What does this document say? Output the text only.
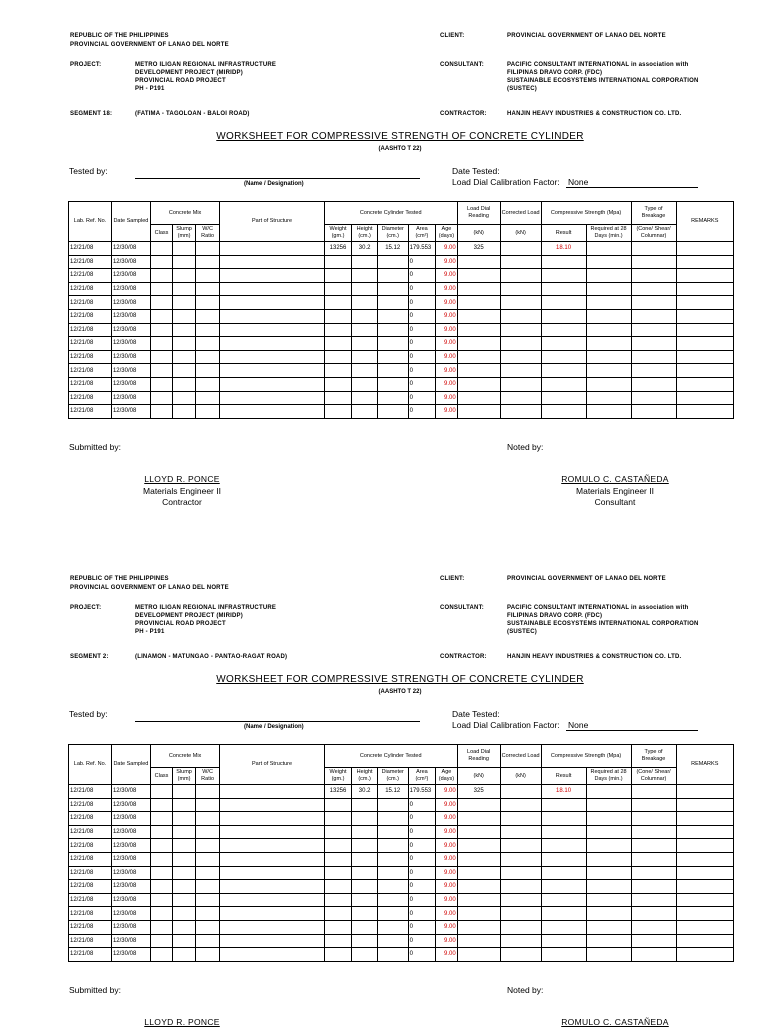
REPUBLIC OF THE PHILIPPINES
PROVINCIAL GOVERNMENT OF LANAO DEL NORTE
PROJECT:	METRO ILIGAN REGIONAL INFRASTRUCTURE
DEVELOPMENT PROJECT (MIRIDP)
PROVINCIAL ROAD PROJECT
PH - P191
SEGMENT 18:	(FATIMA - TAGOLOAN - BALOI ROAD)
CLIENT:	PROVINCIAL GOVERNMENT OF LANAO DEL NORTE
CONSULTANT:	PACIFIC CONSULTANT INTERNATIONAL in association with
FILIPINAS DRAVO CORP. (FDC)
SUSTAINABLE ECOSYSTEMS INTERNATIONAL CORPORATION
(SUSTEC)
CONTRACTOR:	HANJIN HEAVY INDUSTRIES & CONSTRUCTION CO. LTD.
WORKSHEET FOR COMPRESSIVE STRENGTH OF CONCRETE CYLINDER
(AASHTO T 22)
Tested by:
(Name / Designation)
Date Tested:
Load Dial Calibration Factor: None
Lab. Ref. No.	Date Sampled	Concrete Mix			Part of Structure	Concrete Cylinder Tested					Load Dial Reading	Corrected Load	Compressive Strength (Mpa)		Type of Breakage	REMARKS
		Class	Slump (mm)	W/C Ratio		Weight (gm.)	Height (cm.)	Diameter (cm.)	Area (cm²)	Age (days)	(kN)	(kN)	Result	Required at 28 Days (min.)	(Cone/ Shear/ Columnar)	
12/21/08	12/30/08					13256	30.2	15.12	179.553	9.00	325		18.10			
12/21/08	12/30/08								0	9.00						
12/21/08	12/30/08								0	9.00						
12/21/08	12/30/08								0	9.00						
12/21/08	12/30/08								0	9.00						
12/21/08	12/30/08								0	9.00						
12/21/08	12/30/08								0	9.00						
12/21/08	12/30/08								0	9.00						
12/21/08	12/30/08								0	9.00						
12/21/08	12/30/08								0	9.00						
12/21/08	12/30/08								0	9.00						
12/21/08	12/30/08								0	9.00						
12/21/08	12/30/08								0	9.00						
Submitted by:	Noted by:
LLOYD R. PONCE
Materials Engineer II
Contractor
ROMULO C. CASTAÑEDA
Materials Engineer II
Consultant
REPUBLIC OF THE PHILIPPINES
PROVINCIAL GOVERNMENT OF LANAO DEL NORTE
PROJECT:	METRO ILIGAN REGIONAL INFRASTRUCTURE
DEVELOPMENT PROJECT (MIRIDP)
PROVINCIAL ROAD PROJECT
PH - P191
SEGMENT 2:	(LINAMON - MATUNGAO - PANTAO-RAGAT ROAD)
CLIENT:	PROVINCIAL GOVERNMENT OF LANAO DEL NORTE
CONSULTANT:	PACIFIC CONSULTANT INTERNATIONAL in association with
FILIPINAS DRAVO CORP. (FDC)
SUSTAINABLE ECOSYSTEMS INTERNATIONAL CORPORATION
(SUSTEC)
CONTRACTOR:	HANJIN HEAVY INDUSTRIES & CONSTRUCTION CO. LTD.
WORKSHEET FOR COMPRESSIVE STRENGTH OF CONCRETE CYLINDER
(AASHTO T 22)
Tested by:
(Name / Designation)
Date Tested:
Load Dial Calibration Factor: None
Lab. Ref. No.	Date Sampled	Concrete Mix			Part of Structure	Concrete Cylinder Tested					Load Dial Reading	Corrected Load	Compressive Strength (Mpa)		Type of Breakage	REMARKS
		Class	Slump (mm)	W/C Ratio		Weight (gm.)	Height (cm.)	Diameter (cm.)	Area (cm²)	Age (days)	(kN)	(kN)	Result	Required at 28 Days (min.)	(Cone/ Shear/ Columnar)	
12/21/08	12/30/08					13256	30.2	15.12	179.553	9.00	325		18.10			
12/21/08	12/30/08								0	9.00						
12/21/08	12/30/08								0	9.00						
12/21/08	12/30/08								0	9.00						
12/21/08	12/30/08								0	9.00						
12/21/08	12/30/08								0	9.00						
12/21/08	12/30/08								0	9.00						
12/21/08	12/30/08								0	9.00						
12/21/08	12/30/08								0	9.00						
12/21/08	12/30/08								0	9.00						
12/21/08	12/30/08								0	9.00						
12/21/08	12/30/08								0	9.00						
12/21/08	12/30/08								0	9.00						
Submitted by:	Noted by:
LLOYD R. PONCE	ROMULO C. CASTAÑEDA
